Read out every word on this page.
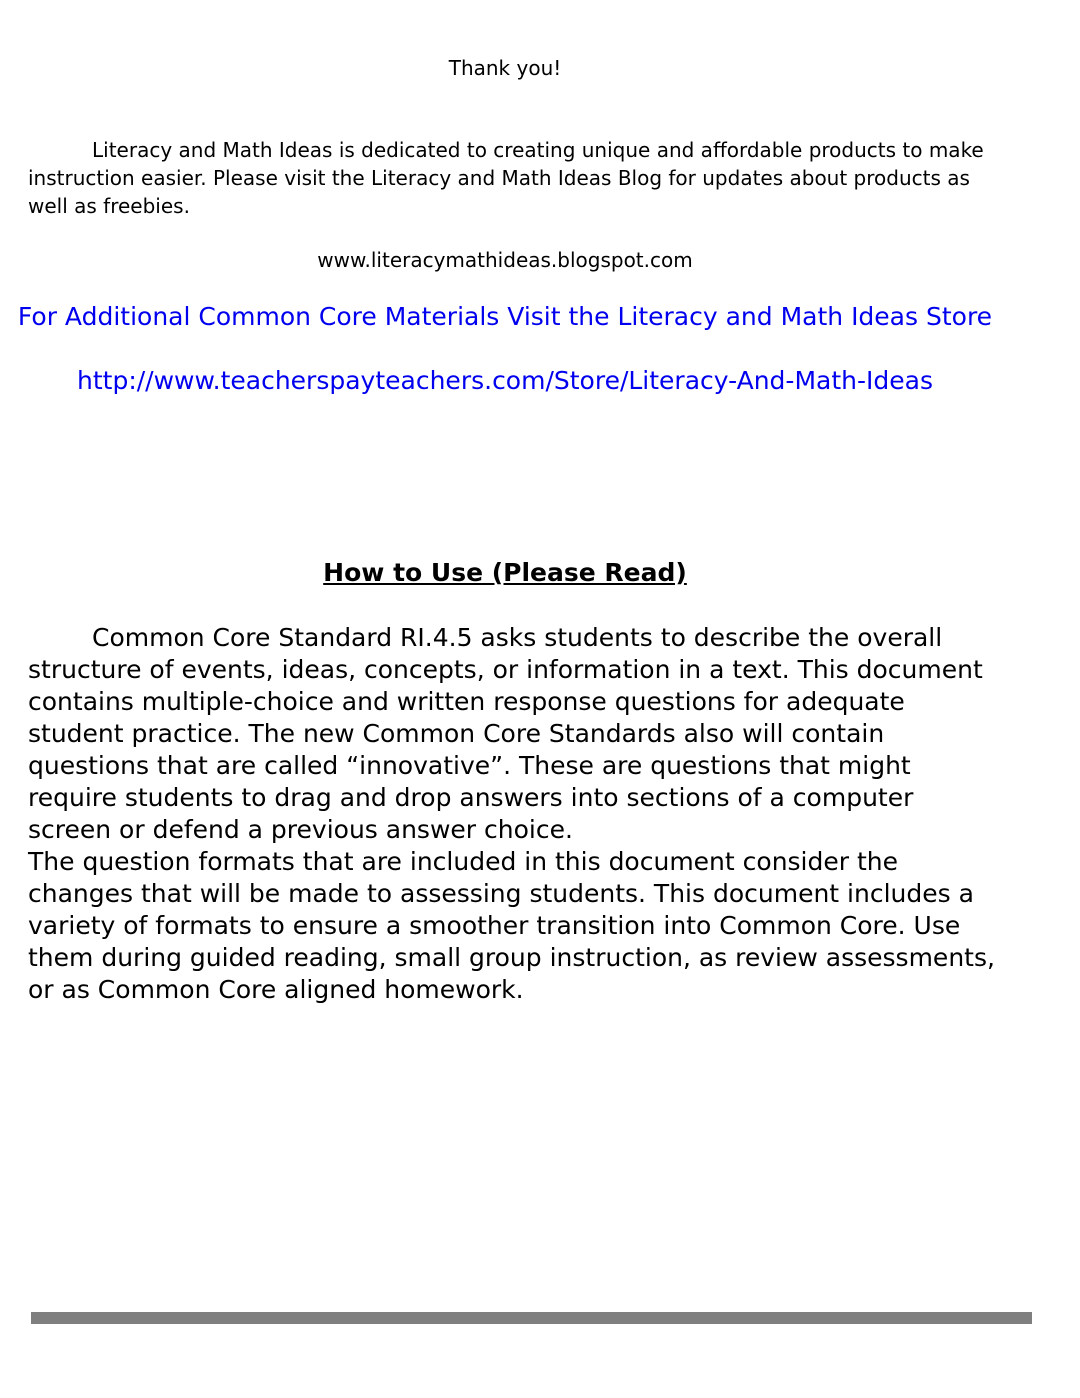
Thank you!

Literacy and Math Ideas is dedicated to creating unique and affordable products to make instruction easier. Please visit the Literacy and Math Ideas Blog for updates about products as well as freebies.

www.literacymathideas.blogspot.com
For Additional Common Core Materials Visit the Literacy and Math Ideas Store
http://www.teacherspayteachers.com/Store/Literacy-And-Math-Ideas
How to Use (Please Read)

Common Core Standard RI.4.5 asks students to describe the overall structure of events, ideas, concepts, or information in a text. This document contains multiple-choice and written response questions for adequate student practice. The new Common Core Standards also will contain questions that are called “innovative”. These are questions that might require students to drag and drop answers into sections of a computer screen or defend a previous answer choice.

The question formats that are included in this document consider the changes that will be made to assessing students. This document includes a variety of formats to ensure a smoother transition into Common Core. Use them during guided reading, small group instruction, as review assessments, or as Common Core aligned homework.
